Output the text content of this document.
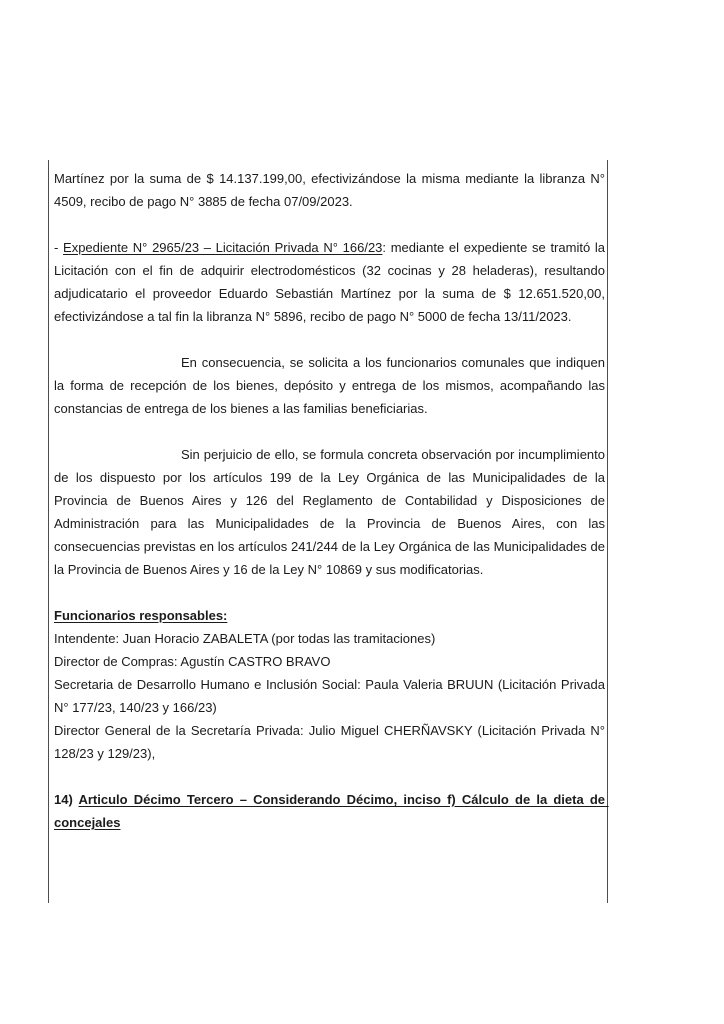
Martínez por la suma de $ 14.137.199,00, efectivizándose la misma mediante la libranza N° 4509, recibo de pago N° 3885 de fecha 07/09/2023.

- Expediente N° 2965/23 – Licitación Privada N° 166/23: mediante el expediente se tramitó la Licitación con el fin de adquirir electrodomésticos (32 cocinas y 28 heladeras), resultando adjudicatario el proveedor Eduardo Sebastián Martínez por la suma de $ 12.651.520,00, efectivizándose a tal fin la libranza N° 5896, recibo de pago N° 5000 de fecha 13/11/2023.

En consecuencia, se solicita a los funcionarios comunales que indiquen la forma de recepción de los bienes, depósito y entrega de los mismos, acompañando las constancias de entrega de los bienes a las familias beneficiarias.

Sin perjuicio de ello, se formula concreta observación por incumplimiento de los dispuesto por los artículos 199 de la Ley Orgánica de las Municipalidades de la Provincia de Buenos Aires y 126 del Reglamento de Contabilidad y Disposiciones de Administración para las Municipalidades de la Provincia de Buenos Aires, con las consecuencias previstas en los artículos 241/244 de la Ley Orgánica de las Municipalidades de la Provincia de Buenos Aires y 16 de la Ley N° 10869 y sus modificatorias.

Funcionarios responsables:

Intendente: Juan Horacio ZABALETA (por todas las tramitaciones)

Director de Compras: Agustín CASTRO BRAVO

Secretaria de Desarrollo Humano e Inclusión Social: Paula Valeria BRUUN (Licitación Privada N° 177/23, 140/23 y 166/23)

Director General de la Secretaría Privada: Julio Miguel CHERÑAVSKY (Licitación Privada N° 128/23 y 129/23),

14) Articulo Décimo Tercero – Considerando Décimo, inciso f) Cálculo de la dieta de concejales
